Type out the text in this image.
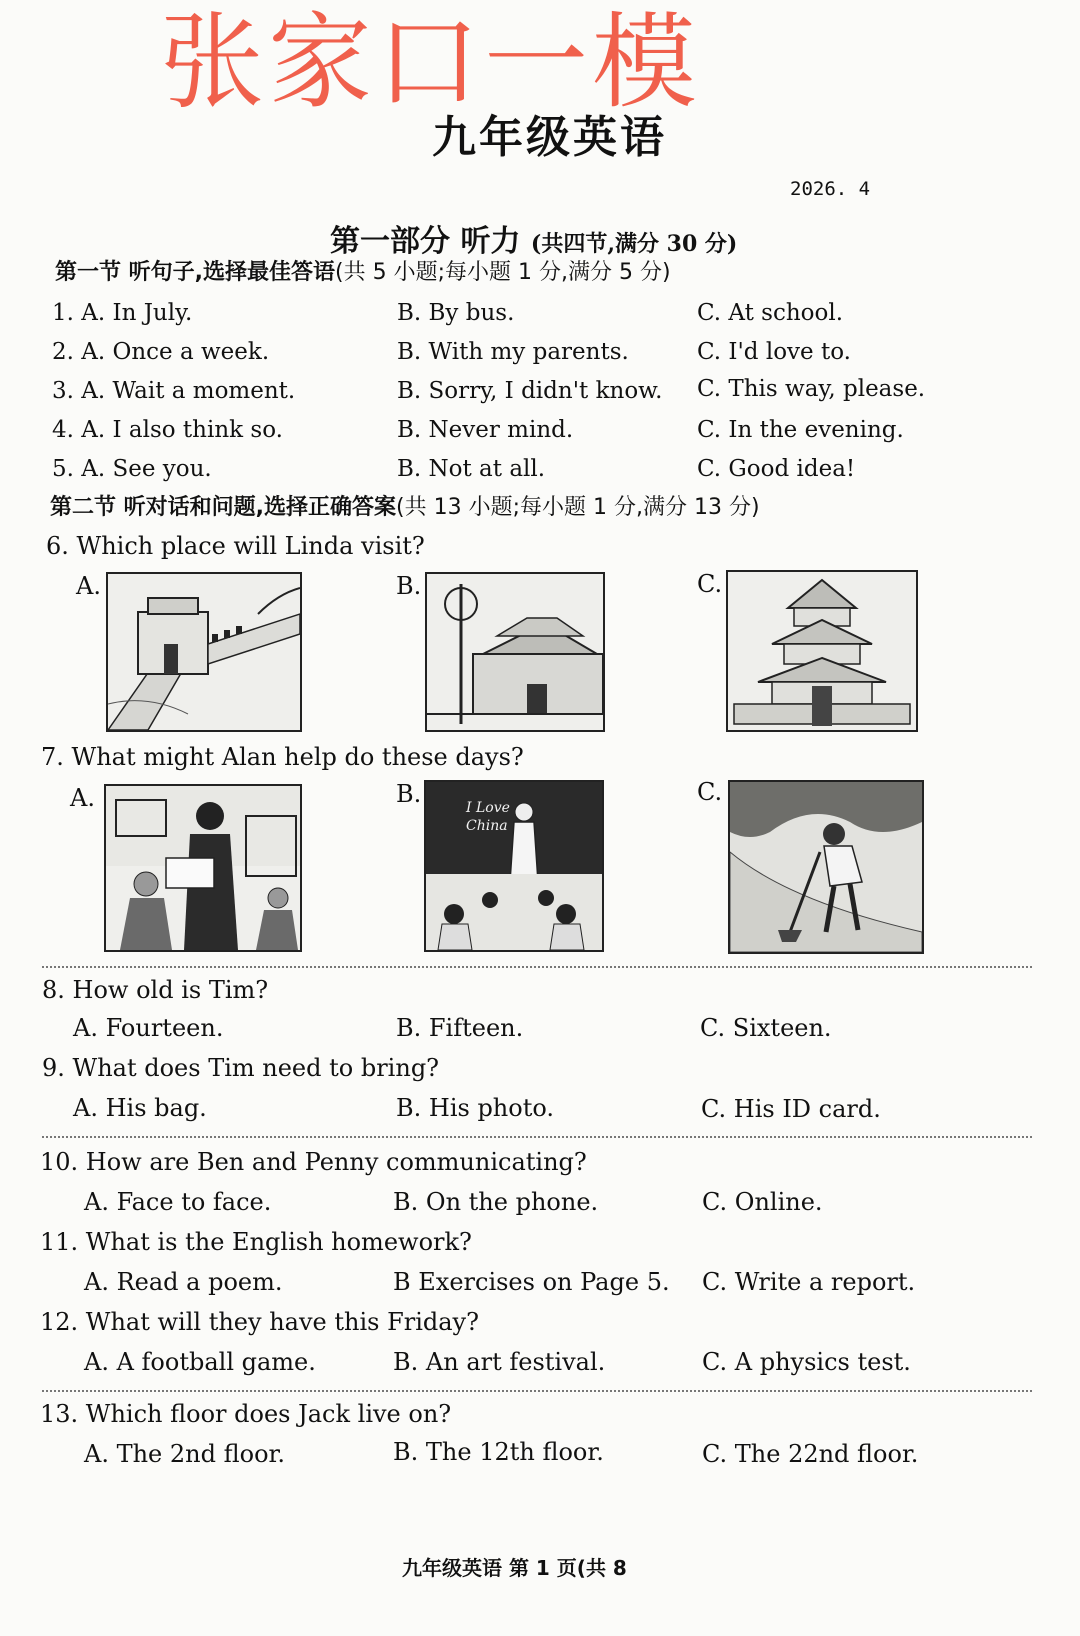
张家口一模
九年级英语
2026. 4
第一部分 听力 (共四节,满分 30 分)
第一节 听句子,选择最佳答语(共 5 小题;每小题 1 分,满分 5 分)
1. A. In July.	B. By bus.	C. At school.
2. A. Once a week.	B. With my parents.	C. I'd love to.
3. A. Wait a moment.	B. Sorry, I didn't know. C. This way, please.
4. A. I also think so.	B. Never mind.	C. In the evening.
5. A. See you.	B. Not at all.	C. Good idea!
第二节 听对话和问题,选择正确答案(共 13 小题;每小题 1 分,满分 13 分)
6. Which place will Linda visit?
A.	B.	C.
7. What might Alan help do these days?
A.	B.	C.
I Love
China
8. How old is Tim?
A. Fourteen.	B. Fifteen.	C. Sixteen.
9. What does Tim need to bring?
A. His bag.	B. His photo.	C. His ID card.
10. How are Ben and Penny communicating?
A. Face to face.	B. On the phone.	C. Online.
11. What is the English homework?
A. Read a poem.	B Exercises on Page 5. C. Write a report.
12. What will they have this Friday?
A. A football game.	B. An art festival.	C. A physics test.
13. Which floor does Jack live on?
A. The 2nd floor.	B. The 12th floor.	C. The 22nd floor.
九年级英语 第 1 页(共 8
